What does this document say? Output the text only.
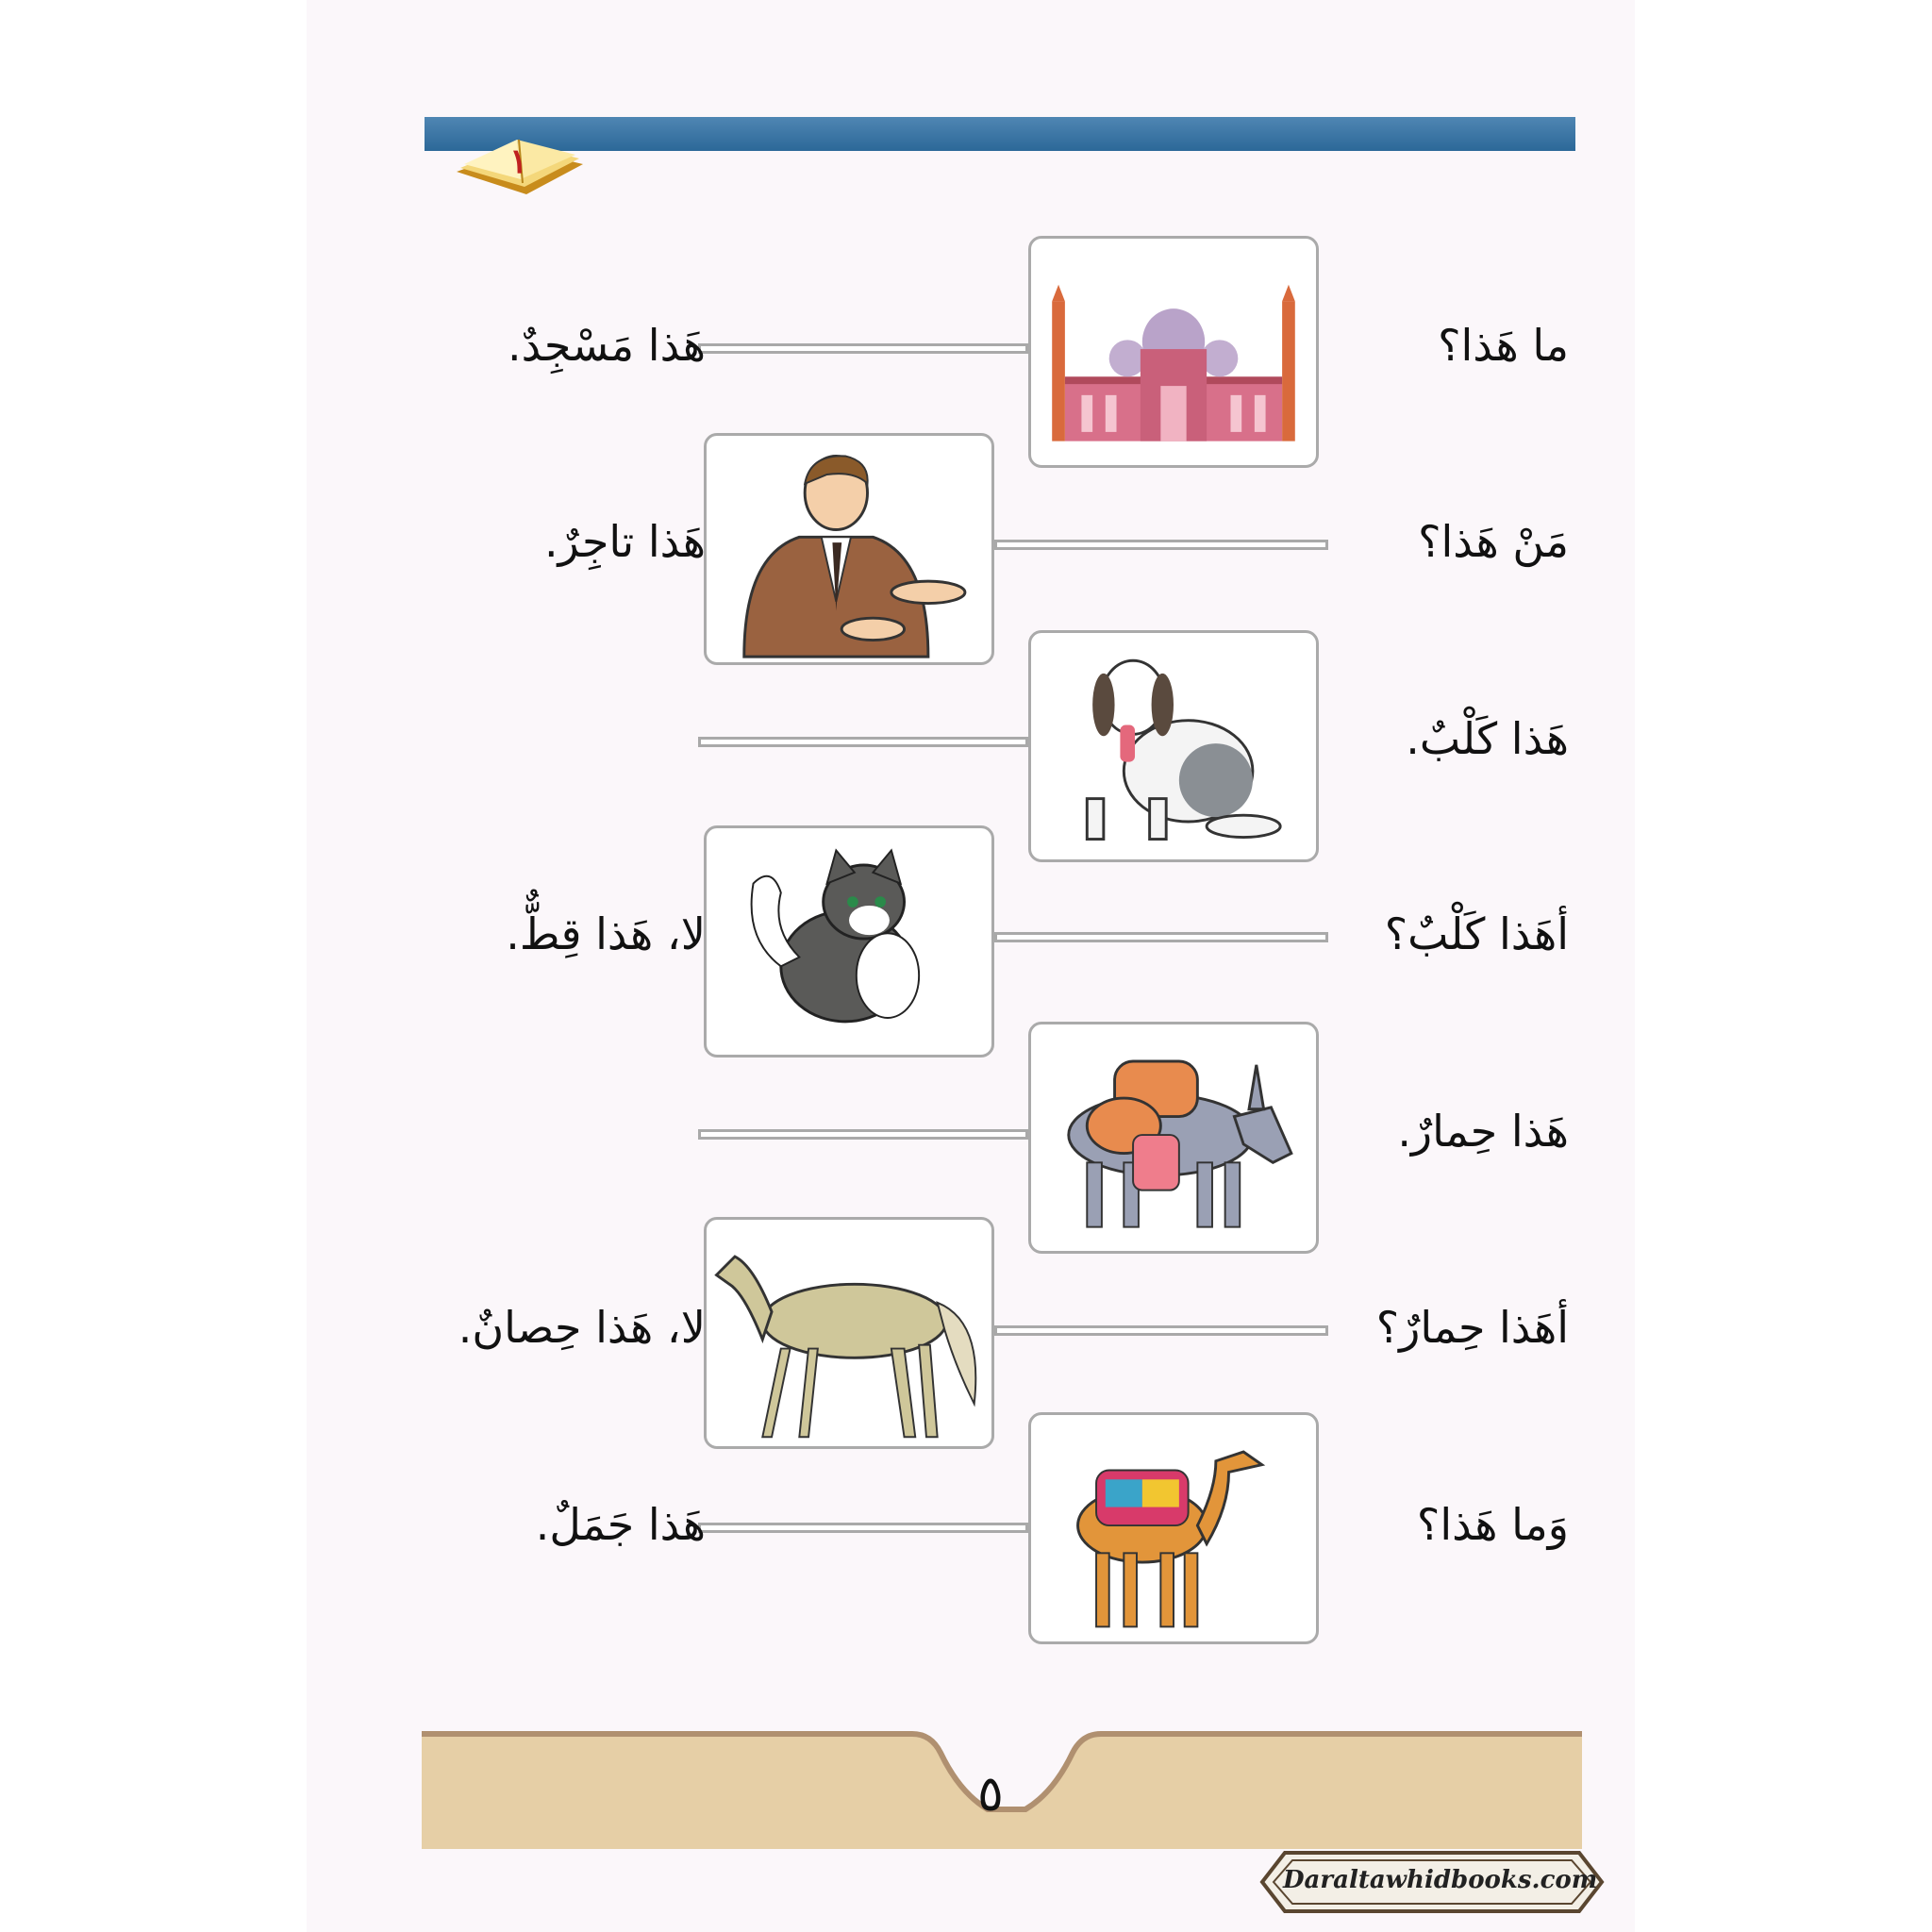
١
ما هَذا؟
مَنْ هَذا؟
هَذا كَلْبٌ.
أهَذا كَلْبٌ؟
هَذا حِمارٌ.
أهَذا حِمارٌ؟
وَما هَذا؟
هَذا مَسْجِدٌ.
هَذا تاجِرٌ.
لا، هَذا قِطٌّ.
لا، هَذا حِصانٌ.
هَذا جَمَلٌ.
٥
Daraltawhidbooks.com
